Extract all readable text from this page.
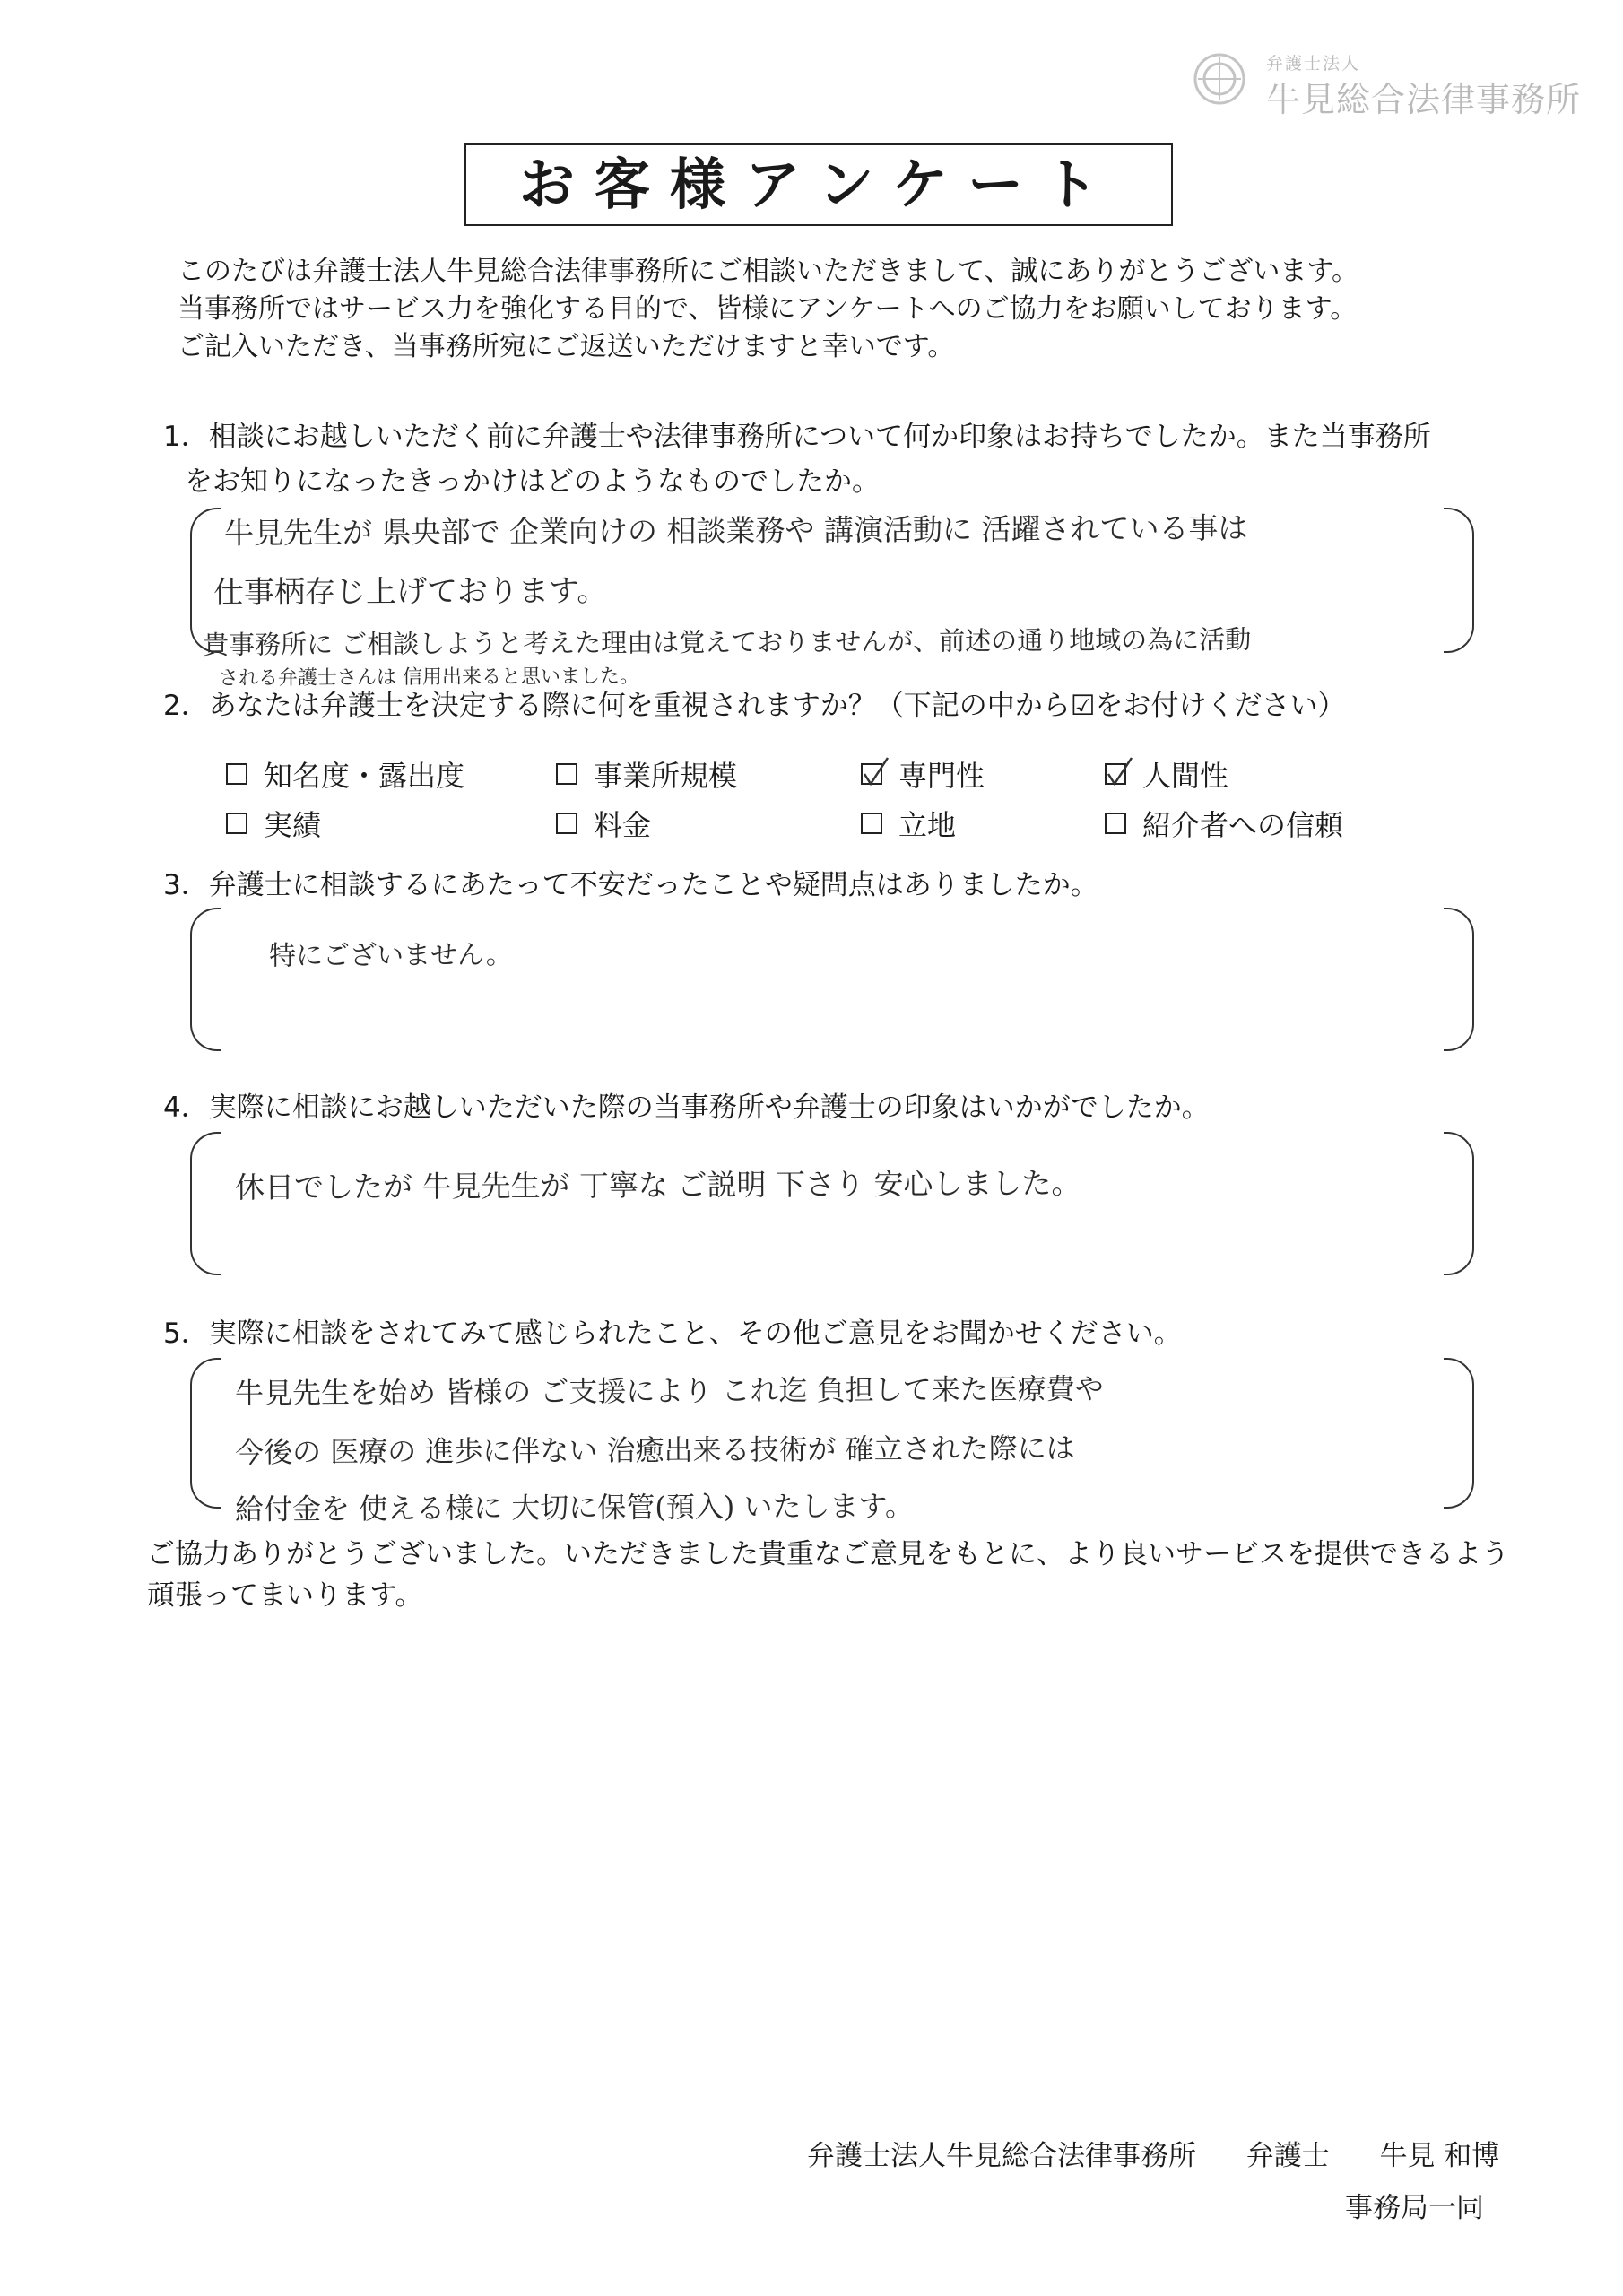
弁護士法人
牛見総合法律事務所
お客様アンケート
このたびは弁護士法人牛見総合法律事務所にご相談いただきまして、誠にありがとうございます。
当事務所ではサービス力を強化する目的で、皆様にアンケートへのご協力をお願いしております。
ご記入いただき、当事務所宛にご返送いただけますと幸いです。
1．相談にお越しいただく前に弁護士や法律事務所について何か印象はお持ちでしたか。また当事務所
をお知りになったきっかけはどのようなものでしたか。
牛見先生が 県央部で 企業向けの 相談業務や 講演活動に 活躍されている事は
仕事柄存じ上げております。
貴事務所に ご相談しようと考えた理由は覚えておりませんが、前述の通り地域の為に活動
される弁護士さんは 信用出来ると思いました。
2．あなたは弁護士を決定する際に何を重視されますか？（下記の中から☑をお付けください）
知名度・露出度	事業所規模	専門性	人間性
実績	料金	立地	紹介者への信頼
3．弁護士に相談するにあたって不安だったことや疑問点はありましたか。
特にございません。
4．実際に相談にお越しいただいた際の当事務所や弁護士の印象はいかがでしたか。
休日でしたが 牛見先生が 丁寧な ご説明 下さり 安心しました。
5．実際に相談をされてみて感じられたこと、その他ご意見をお聞かせください。
牛見先生を始め 皆様の ご支援により これ迄 負担して来た医療費や
今後の 医療の 進歩に伴ない 治癒出来る技術が 確立された際には
給付金を 使える様に 大切に保管(預入) いたします。
ご協力ありがとうございました。いただきました貴重なご意見をもとに、より良いサービスを提供できるよう
頑張ってまいります。
弁護士法人牛見総合法律事務所 弁護士 牛見 和博
事務局一同
